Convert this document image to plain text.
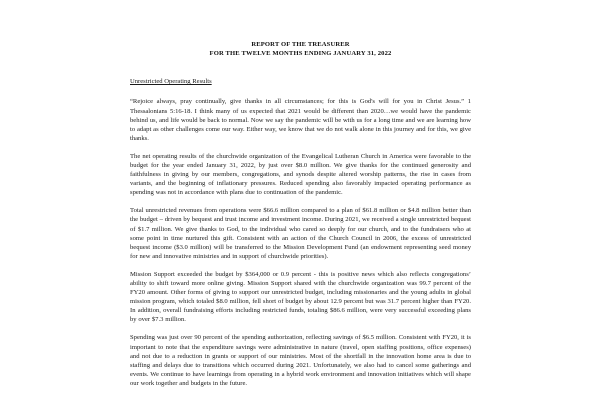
REPORT OF THE TREASURER
FOR THE TWELVE MONTHS ENDING JANUARY 31, 2022
Unrestricted Operating Results

“Rejoice always, pray continually, give thanks in all circumstances; for this is God's will for you in Christ Jesus.” 1 Thessalonians 5:16-18. I think many of us expected that 2021 would be different than 2020…we would have the pandemic behind us, and life would be back to normal. Now we say the pandemic will be with us for a long time and we are learning how to adapt as other challenges come our way. Either way, we know that we do not walk alone in this journey and for this, we give thanks.

The net operating results of the churchwide organization of the Evangelical Lutheran Church in America were favorable to the budget for the year ended January 31, 2022, by just over $8.0 million. We give thanks for the continued generosity and faithfulness in giving by our members, congregations, and synods despite altered worship patterns, the rise in cases from variants, and the beginning of inflationary pressures. Reduced spending also favorably impacted operating performance as spending was not in accordance with plans due to continuation of the pandemic.

Total unrestricted revenues from operations were $66.6 million compared to a plan of $61.8 million or $4.8 million better than the budget – driven by bequest and trust income and investment income. During 2021, we received a single unrestricted bequest of $1.7 million. We give thanks to God, to the individual who cared so deeply for our church, and to the fundraisers who at some point in time nurtured this gift. Consistent with an action of the Church Council in 2006, the excess of unrestricted bequest income ($3.0 million) will be transferred to the Mission Development Fund (an endowment representing seed money for new and innovative ministries and in support of churchwide priorities).

Mission Support exceeded the budget by $364,000 or 0.9 percent - this is positive news which also reflects congregations’ ability to shift toward more online giving. Mission Support shared with the churchwide organization was 99.7 percent of the FY20 amount. Other forms of giving to support our unrestricted budget, including missionaries and the young adults in global mission program, which totaled $8.0 million, fell short of budget by about 12.9 percent but was 31.7 percent higher than FY20. In addition, overall fundraising efforts including restricted funds, totaling $86.6 million, were very successful exceeding plans by over $7.3 million.

Spending was just over 90 percent of the spending authorization, reflecting savings of $6.5 million. Consistent with FY20, it is important to note that the expenditure savings were administrative in nature (travel, open staffing positions, office expenses) and not due to a reduction in grants or support of our ministries. Most of the shortfall in the innovation home area is due to staffing and delays due to transitions which occurred during 2021. Unfortunately, we also had to cancel some gatherings and events. We continue to have learnings from operating in a hybrid work environment and innovation initiatives which will shape our work together and budgets in the future.
